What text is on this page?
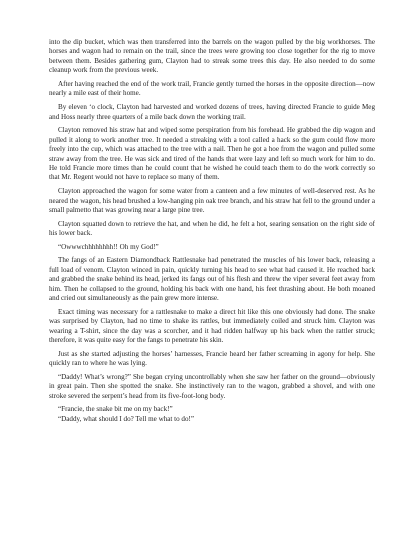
into the dip bucket, which was then transferred into the barrels on the wagon pulled by the big workhorses. The horses and wagon had to remain on the trail, since the trees were growing too close together for the rig to move between them. Besides gathering gum, Clayton had to streak some trees this day. He also needed to do some cleanup work from the previous week.

After having reached the end of the work trail, Francie gently turned the horses in the opposite direction—now nearly a mile east of their home.

By eleven ‘o clock, Clayton had harvested and worked dozens of trees, having directed Francie to guide Meg and Hoss nearly three quarters of a mile back down the working trail.

Clayton removed his straw hat and wiped some perspiration from his forehead. He grabbed the dip wagon and pulled it along to work another tree. It needed a streaking with a tool called a hack so the gum could flow more freely into the cup, which was attached to the tree with a nail. Then he got a hoe from the wagon and pulled some straw away from the tree. He was sick and tired of the hands that were lazy and left so much work for him to do. He told Francie more times than he could count that he wished he could teach them to do the work correctly so that Mr. Regent would not have to replace so many of them.

Clayton approached the wagon for some water from a canteen and a few minutes of well-deserved rest. As he neared the wagon, his head brushed a low-hanging pin oak tree branch, and his straw hat fell to the ground under a small palmetto that was growing near a large pine tree.

Clayton squatted down to retrieve the hat, and when he did, he felt a hot, searing sensation on the right side of his lower back.

“Owwwchhhhhhhh!! Oh my God!”

The fangs of an Eastern Diamondback Rattlesnake had penetrated the muscles of his lower back, releasing a full load of venom. Clayton winced in pain, quickly turning his head to see what had caused it. He reached back and grabbed the snake behind its head, jerked its fangs out of his flesh and threw the viper several feet away from him. Then he collapsed to the ground, holding his back with one hand, his feet thrashing about. He both moaned and cried out simultaneously as the pain grew more intense.

Exact timing was necessary for a rattlesnake to make a direct hit like this one obviously had done. The snake was surprised by Clayton, had no time to shake its rattles, but immediately coiled and struck him. Clayton was wearing a T-shirt, since the day was a scorcher, and it had ridden halfway up his back when the rattler struck; therefore, it was quite easy for the fangs to penetrate his skin.

Just as she started adjusting the horses’ harnesses, Francie heard her father screaming in agony for help. She quickly ran to where he was lying.

“Daddy! What’s wrong?” She began crying uncontrollably when she saw her father on the ground—obviously in great pain. Then she spotted the snake. She instinctively ran to the wagon, grabbed a shovel, and with one stroke severed the serpent’s head from its five-foot-long body.

“Francie, the snake bit me on my back!”

“Daddy, what should I do? Tell me what to do!”
